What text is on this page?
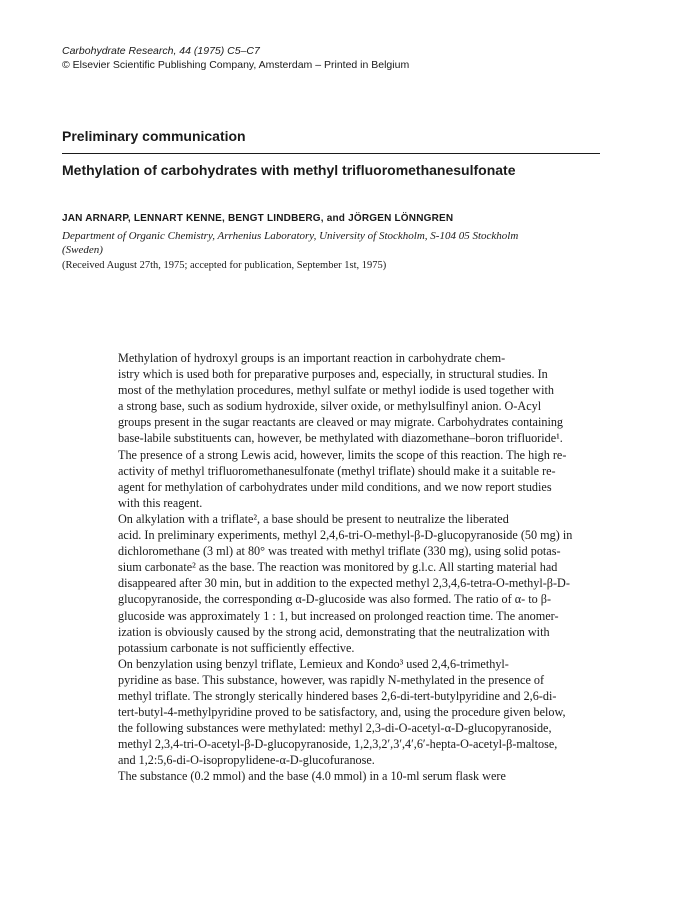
Carbohydrate Research, 44 (1975) C5–C7
© Elsevier Scientific Publishing Company, Amsterdam – Printed in Belgium
Preliminary communication
Methylation of carbohydrates with methyl trifluoromethanesulfonate
JAN ARNARP, LENNART KENNE, BENGT LINDBERG, and JÖRGEN LÖNNGREN
Department of Organic Chemistry, Arrhenius Laboratory, University of Stockholm, S-104 05 Stockholm
(Sweden)
(Received August 27th, 1975; accepted for publication, September 1st, 1975)

Methylation of hydroxyl groups is an important reaction in carbohydrate chem-
istry which is used both for preparative purposes and, especially, in structural studies. In
most of the methylation procedures, methyl sulfate or methyl iodide is used together with
a strong base, such as sodium hydroxide, silver oxide, or methylsulfinyl anion. O-Acyl
groups present in the sugar reactants are cleaved or may migrate. Carbohydrates containing
base-labile substituents can, however, be methylated with diazomethane–boron trifluoride¹.
The presence of a strong Lewis acid, however, limits the scope of this reaction. The high re-
activity of methyl trifluoromethanesulfonate (methyl triflate) should make it a suitable re-
agent for methylation of carbohydrates under mild conditions, and we now report studies
with this reagent.

On alkylation with a triflate², a base should be present to neutralize the liberated
acid. In preliminary experiments, methyl 2,4,6-tri-O-methyl-β-D-glucopyranoside (50 mg) in
dichloromethane (3 ml) at 80° was treated with methyl triflate (330 mg), using solid potas-
sium carbonate² as the base. The reaction was monitored by g.l.c. All starting material had
disappeared after 30 min, but in addition to the expected methyl 2,3,4,6-tetra-O-methyl-β-D-
glucopyranoside, the corresponding α-D-glucoside was also formed. The ratio of α- to β-
glucoside was approximately 1 : 1, but increased on prolonged reaction time. The anomer-
ization is obviously caused by the strong acid, demonstrating that the neutralization with
potassium carbonate is not sufficiently effective.

On benzylation using benzyl triflate, Lemieux and Kondo³ used 2,4,6-trimethyl-
pyridine as base. This substance, however, was rapidly N-methylated in the presence of
methyl triflate. The strongly sterically hindered bases 2,6-di-tert-butylpyridine and 2,6-di-
tert-butyl-4-methylpyridine proved to be satisfactory, and, using the procedure given below,
the following substances were methylated: methyl 2,3-di-O-acetyl-α-D-glucopyranoside,
methyl 2,3,4-tri-O-acetyl-β-D-glucopyranoside, 1,2,3,2′,3′,4′,6′-hepta-O-acetyl-β-maltose,
and 1,2:5,6-di-O-isopropylidene-α-D-glucofuranose.

The substance (0.2 mmol) and the base (4.0 mmol) in a 10-ml serum flask were
